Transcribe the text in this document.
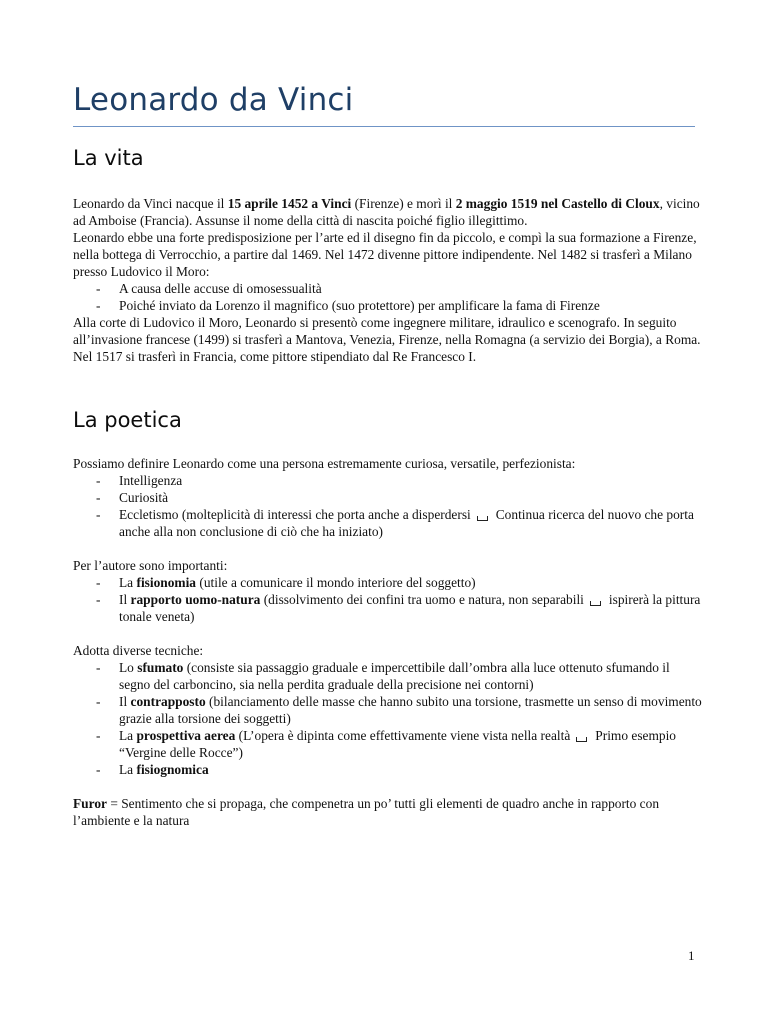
Leonardo da Vinci
La vita

Leonardo da Vinci nacque il 15 aprile 1452 a Vinci (Firenze) e morì il 2 maggio 1519 nel Castello di Cloux, vicino ad Amboise (Francia). Assunse il nome della città di nascita poiché figlio illegittimo.

Leonardo ebbe una forte predisposizione per l’arte ed il disegno fin da piccolo, e compì la sua formazione a Firenze, nella bottega di Verrocchio, a partire dal 1469. Nel 1472 divenne pittore indipendente. Nel 1482 si trasferì a Milano presso Ludovico il Moro:

- A causa delle accuse di omosessualità
- Poiché inviato da Lorenzo il magnifico (suo protettore) per amplificare la fama di Firenze

Alla corte di Ludovico il Moro, Leonardo si presentò come ingegnere militare, idraulico e scenografo. In seguito all’invasione francese (1499) si trasferì a Mantova, Venezia, Firenze, nella Romagna (a servizio dei Borgia), a Roma. Nel 1517 si trasferì in Francia, come pittore stipendiato dal Re Francesco I.

La poetica

Possiamo definire Leonardo come una persona estremamente curiosa, versatile, perfezionista:

- Intelligenza
- Curiosità
- Eccletismo (molteplicità di interessi che porta anche a disperdersi Continua ricerca del nuovo che porta anche alla non conclusione di ciò che ha iniziato)

Per l’autore sono importanti:

- La fisionomia (utile a comunicare il mondo interiore del soggetto)
- Il rapporto uomo-natura (dissolvimento dei confini tra uomo e natura, non separabili ispirerà la pittura tonale veneta)

Adotta diverse tecniche:

- Lo sfumato (consiste sia passaggio graduale e impercettibile dall’ombra alla luce ottenuto sfumando il segno del carboncino, sia nella perdita graduale della precisione nei contorni)
- Il contrapposto (bilanciamento delle masse che hanno subito una torsione, trasmette un senso di movimento grazie alla torsione dei soggetti)
- La prospettiva aerea (L’opera è dipinta come effettivamente viene vista nella realtà Primo esempio “Vergine delle Rocce”)
- La fisiognomica

Furor = Sentimento che si propaga, che compenetra un po’ tutti gli elementi de quadro anche in rapporto con l’ambiente e la natura

1
